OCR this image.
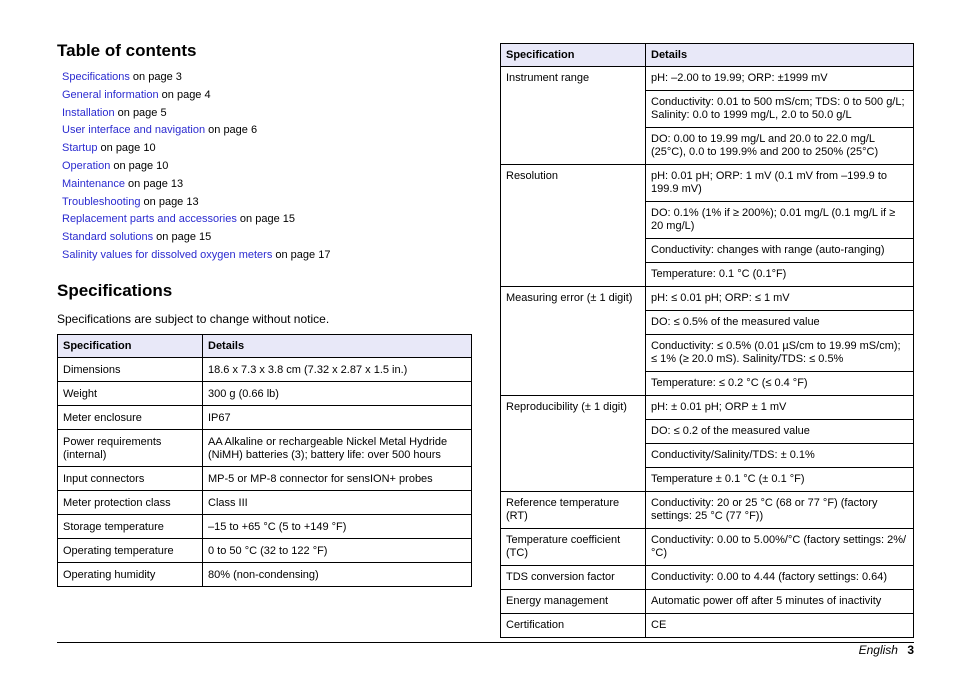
Table of contents
Specifications on page 3
General information on page 4
Installation on page 5
User interface and navigation on page 6
Startup on page 10
Operation on page 10
Maintenance on page 13
Troubleshooting on page 13
Replacement parts and accessories on page 15
Standard solutions on page 15
Salinity values for dissolved oxygen meters on page 17
Specifications

Specifications are subject to change without notice.

Specification	Details
Dimensions	18.6 x 7.3 x 3.8 cm (7.32 x 2.87 x 1.5 in.)
Weight	300 g (0.66 lb)
Meter enclosure	IP67
Power requirements (internal)	AA Alkaline or rechargeable Nickel Metal Hydride (NiMH) batteries (3); battery life: over 500 hours
Input connectors	MP-5 or MP-8 connector for sensION+ probes
Meter protection class	Class III
Storage temperature	–15 to +65 °C (5 to +149 °F)
Operating temperature	0 to 50 °C (32 to 122 °F)
Operating humidity	80% (non-condensing)
Specification	Details
Instrument range	pH: –2.00 to 19.99; ORP: ±1999 mV
	Conductivity: 0.01 to 500 mS/cm; TDS: 0 to 500 g/L; Salinity: 0.0 to 1999 mg/L, 2.0 to 50.0 g/L
	DO: 0.00 to 19.99 mg/L and 20.0 to 22.0 mg/L (25°C), 0.0 to 199.9% and 200 to 250% (25°C)
Resolution	pH: 0.01 pH; ORP: 1 mV (0.1 mV from –199.9 to 199.9 mV)
	DO: 0.1% (1% if ≥ 200%); 0.01 mg/L (0.1 mg/L if ≥ 20 mg/L)
	Conductivity: changes with range (auto-ranging)
	Temperature: 0.1 °C (0.1°F)
Measuring error (± 1 digit)	pH: ≤ 0.01 pH; ORP: ≤ 1 mV
	DO: ≤ 0.5% of the measured value
	Conductivity: ≤ 0.5% (0.01 µS/cm to 19.99 mS/cm); ≤ 1% (≥ 20.0 mS). Salinity/TDS: ≤ 0.5%
	Temperature: ≤ 0.2 °C (≤ 0.4 °F)
Reproducibility (± 1 digit)	pH: ± 0.01 pH; ORP ± 1 mV
	DO: ≤ 0.2 of the measured value
	Conductivity/Salinity/TDS: ± 0.1%
	Temperature ± 0.1 °C (± 0.1 °F)
Reference temperature (RT)	Conductivity: 20 or 25 °C (68 or 77 °F) (factory settings: 25 °C (77 °F))
Temperature coefficient (TC)	Conductivity: 0.00 to 5.00%/°C (factory settings: 2%/ °C)
TDS conversion factor	Conductivity: 0.00 to 4.44 (factory settings: 0.64)
Energy management	Automatic power off after 5 minutes of inactivity
Certification	CE
English 3
